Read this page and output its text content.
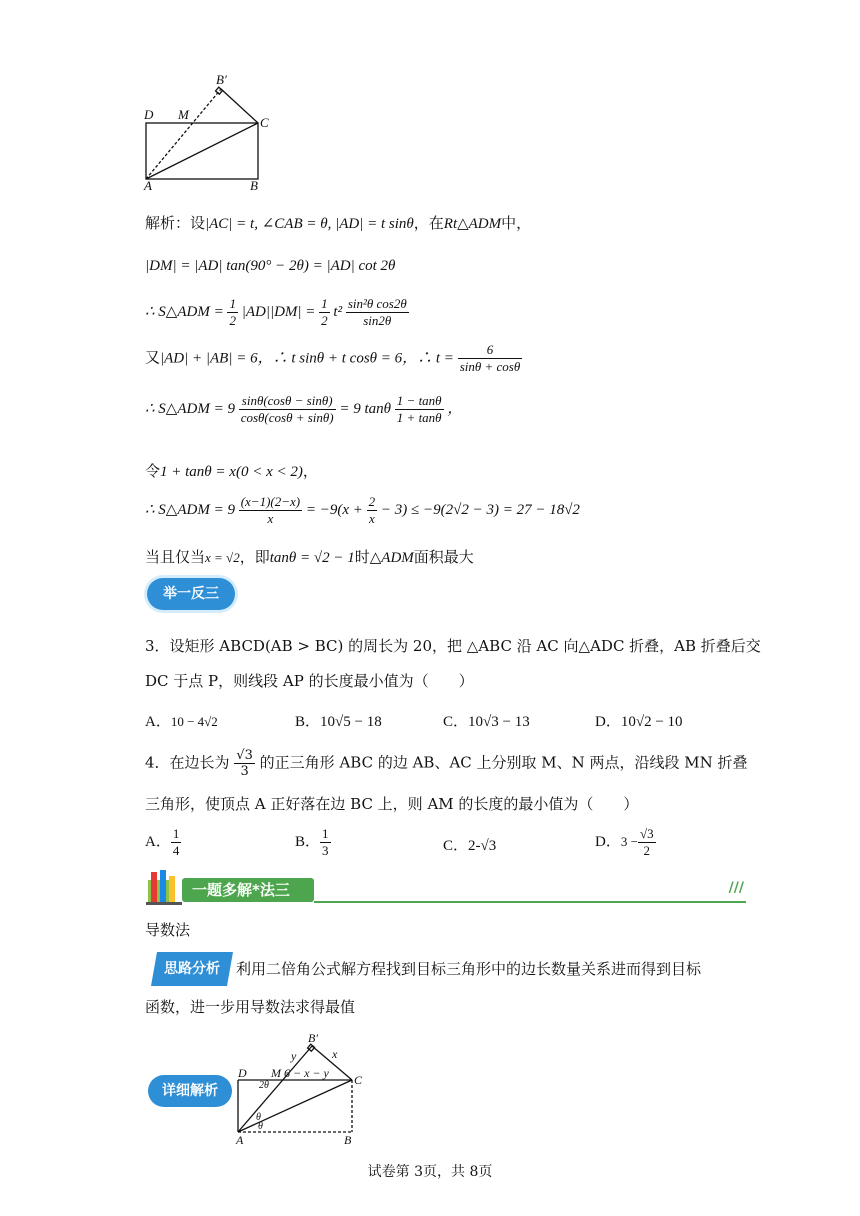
B′
D M
C
A	B
解析：设|AC| = t, ∠CAB = θ, |AD| = t sinθ，在Rt△ADM中，
|DM| = |AD| tan(90° − 2θ) = |AD| cot 2θ
∴ S△ADM = $\frac{1}{2} |AD||DM| = \frac{1}{2} t^2 \frac{\text{sin²θ cos2θ}}{\sin 2\theta}$
又|AD| + |AB| = 6，∴ t sinθ + t cosθ = 6，∴ $t = \frac{6}{\sin\theta + \cos\theta}$
∴ S△ADM = $9 \frac{\sin\theta(\cos\theta - \sin\theta)}{\cos\theta(\cos\theta + \sin\theta)} = 9$ tanθ $\frac{1 - \tan\theta}{1 + \tan\theta}$ ，
令1 + tanθ = x(0 < x < 2)，
∴ S△ADM = $9 \frac{(x-1)(2-x)}{x} = -9(x + \frac{2}{x} - 3) \le -9(2√2 - 3) = 27 - 18√2$
当且仅当x = √2，即tanθ = √2 − 1时△ADM面积最大
举一反三
3．设矩形 ABCD(AB > BC) 的周长为 20，把 △ABC 沿 AC 向△ADC 折叠，AB 折叠后交
DC 于点 P，则线段 AP 的长度最小值为（　　）
A．10 − 4√2	B．10√5 − 18	C．10√3 − 13	D．10√2 − 10
4．在边长为 $\frac{√3}{3}$ 的正三角形 ABC 的边 AB、AC 上分别取 M、N 两点，沿线段 MN 折叠
三角形，使顶点 A 正好落在边 BC 上，则 AM 的长度的最小值为（　　）
A． $\frac{1}{4}$	B． $\frac{1}{3}$	C．2-√3	D．$3 - \frac{√3}{2}$
一题多解*法三	///
导数法
思路分析	利用二倍角公式解方程找到目标三角形中的边长数量关系进而得到目标
函数，进一步用导数法求得最值
详细解析
B′
y	x
D M 6 − x − y C
2θ
θ
θ
A	B
试卷第 3页，共 8页
